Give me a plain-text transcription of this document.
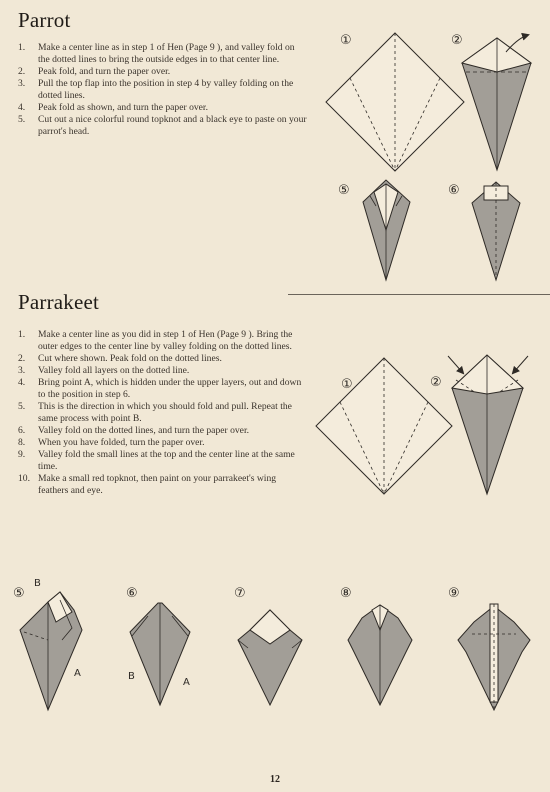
Parrot
1.	Make a center line as in step 1 of Hen (Page 9 ), and valley fold on the dotted lines to bring the outside edges in to that center line.
2.	Peak fold, and turn the paper over.
3.	Pull the top flap into the position in step 4 by valley folding on the dotted lines.
4.	Peak fold as shown, and turn the paper over.
5.	Cut out a nice colorful round topknot and a black eye to paste on your parrot's head.
Parrakeet
1.	Make a center line as you did in step 1 of Hen (Page 9 ). Bring the outer edges to the center line by valley folding on the dotted lines.
2.	Cut where shown. Peak fold on the dotted lines.
3.	Valley fold all layers on the dotted line.
4.	Bring point A, which is hidden under the upper layers, out and down to the position in step 6.
5.	This is the direction in which you should fold and pull. Repeat the same process with point B.
6.	Valley fold on the dotted lines, and turn the paper over.
8.	When you have folded, turn the paper over.
9.	Valley fold the small lines at the top and the center line at the same time.
10. Make a small red topknot, then paint on your parrakeet's wing feathers and eye.
①	②
⑤	⑥
①	②
⑤
B
A
⑥
B
A
⑦	⑧	⑨
12
